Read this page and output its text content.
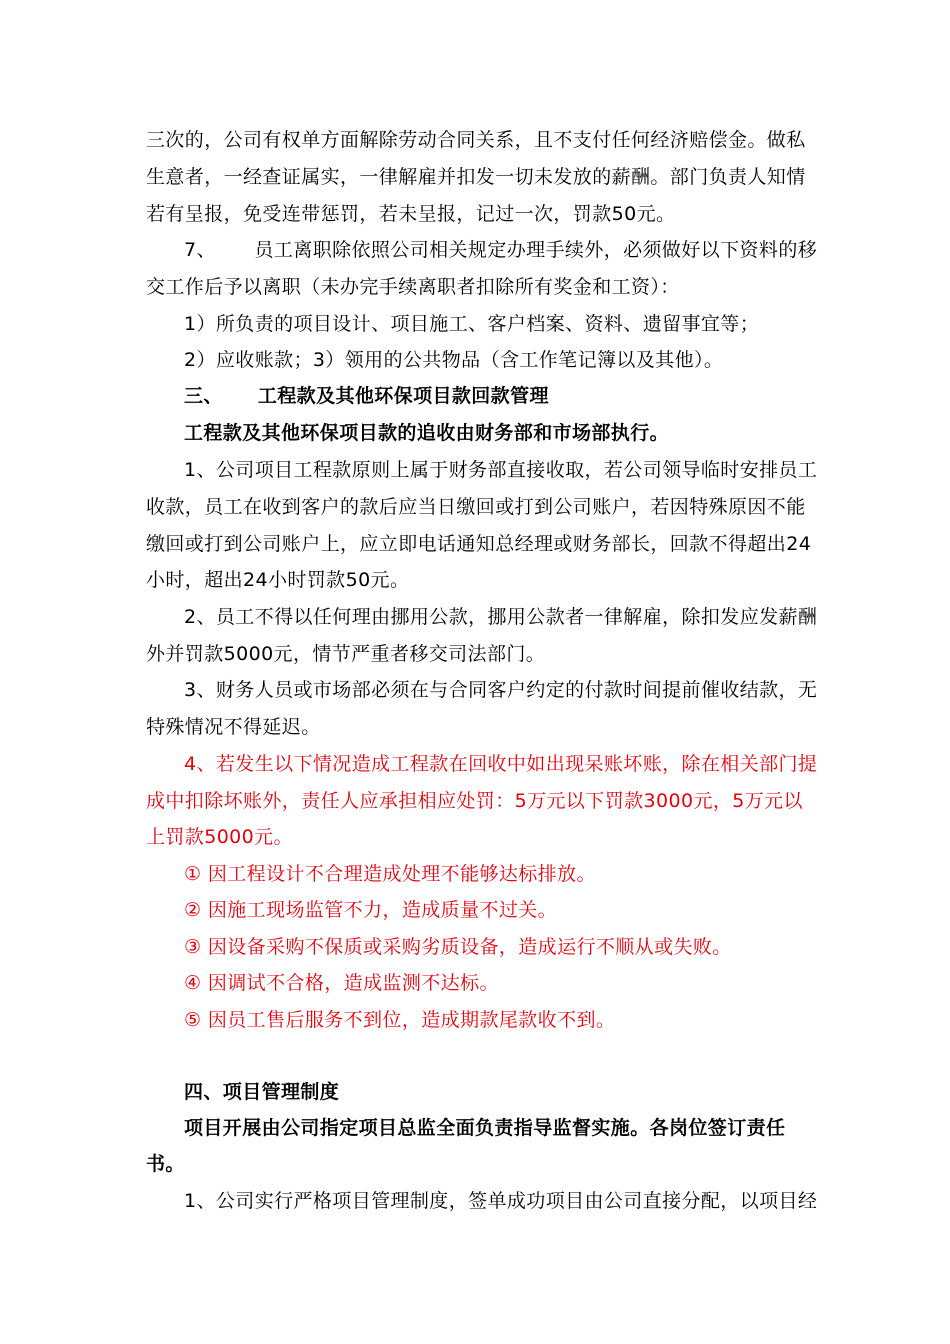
三次的，公司有权单方面解除劳动合同关系，且不支付任何经济赔偿金。做私
生意者，一经查证属实，一律解雇并扣发一切未发放的薪酬。部门负责人知情
若有呈报，免受连带惩罚，若未呈报，记过一次，罚款50元。
7、      员工离职除依照公司相关规定办理手续外，必须做好以下资料的移
交工作后予以离职（未办完手续离职者扣除所有奖金和工资）：
1）所负责的项目设计、项目施工、客户档案、资料、遗留事宜等；
2）应收账款；3）领用的公共物品（含工作笔记簿以及其他）。
三、     工程款及其他环保项目款回款管理
工程款及其他环保项目款的追收由财务部和市场部执行。
1、公司项目工程款原则上属于财务部直接收取，若公司领导临时安排员工
收款，员工在收到客户的款后应当日缴回或打到公司账户，若因特殊原因不能
缴回或打到公司账户上，应立即电话通知总经理或财务部长，回款不得超出24
小时，超出24小时罚款50元。
2、员工不得以任何理由挪用公款，挪用公款者一律解雇，除扣发应发薪酬
外并罚款5000元，情节严重者移交司法部门。
3、财务人员或市场部必须在与合同客户约定的付款时间提前催收结款，无
特殊情况不得延迟。
4、若发生以下情况造成工程款在回收中如出现呆账坏账，除在相关部门提
成中扣除坏账外，责任人应承担相应处罚：5万元以下罚款3000元，5万元以
上罚款5000元。
① 因工程设计不合理造成处理不能够达标排放。
② 因施工现场监管不力，造成质量不过关。
③ 因设备采购不保质或采购劣质设备，造成运行不顺从或失败。
④ 因调试不合格，造成监测不达标。
⑤ 因员工售后服务不到位，造成期款尾款收不到。
四、项目管理制度
项目开展由公司指定项目总监全面负责指导监督实施。各岗位签订责任
书。
1、公司实行严格项目管理制度，签单成功项目由公司直接分配，以项目经
